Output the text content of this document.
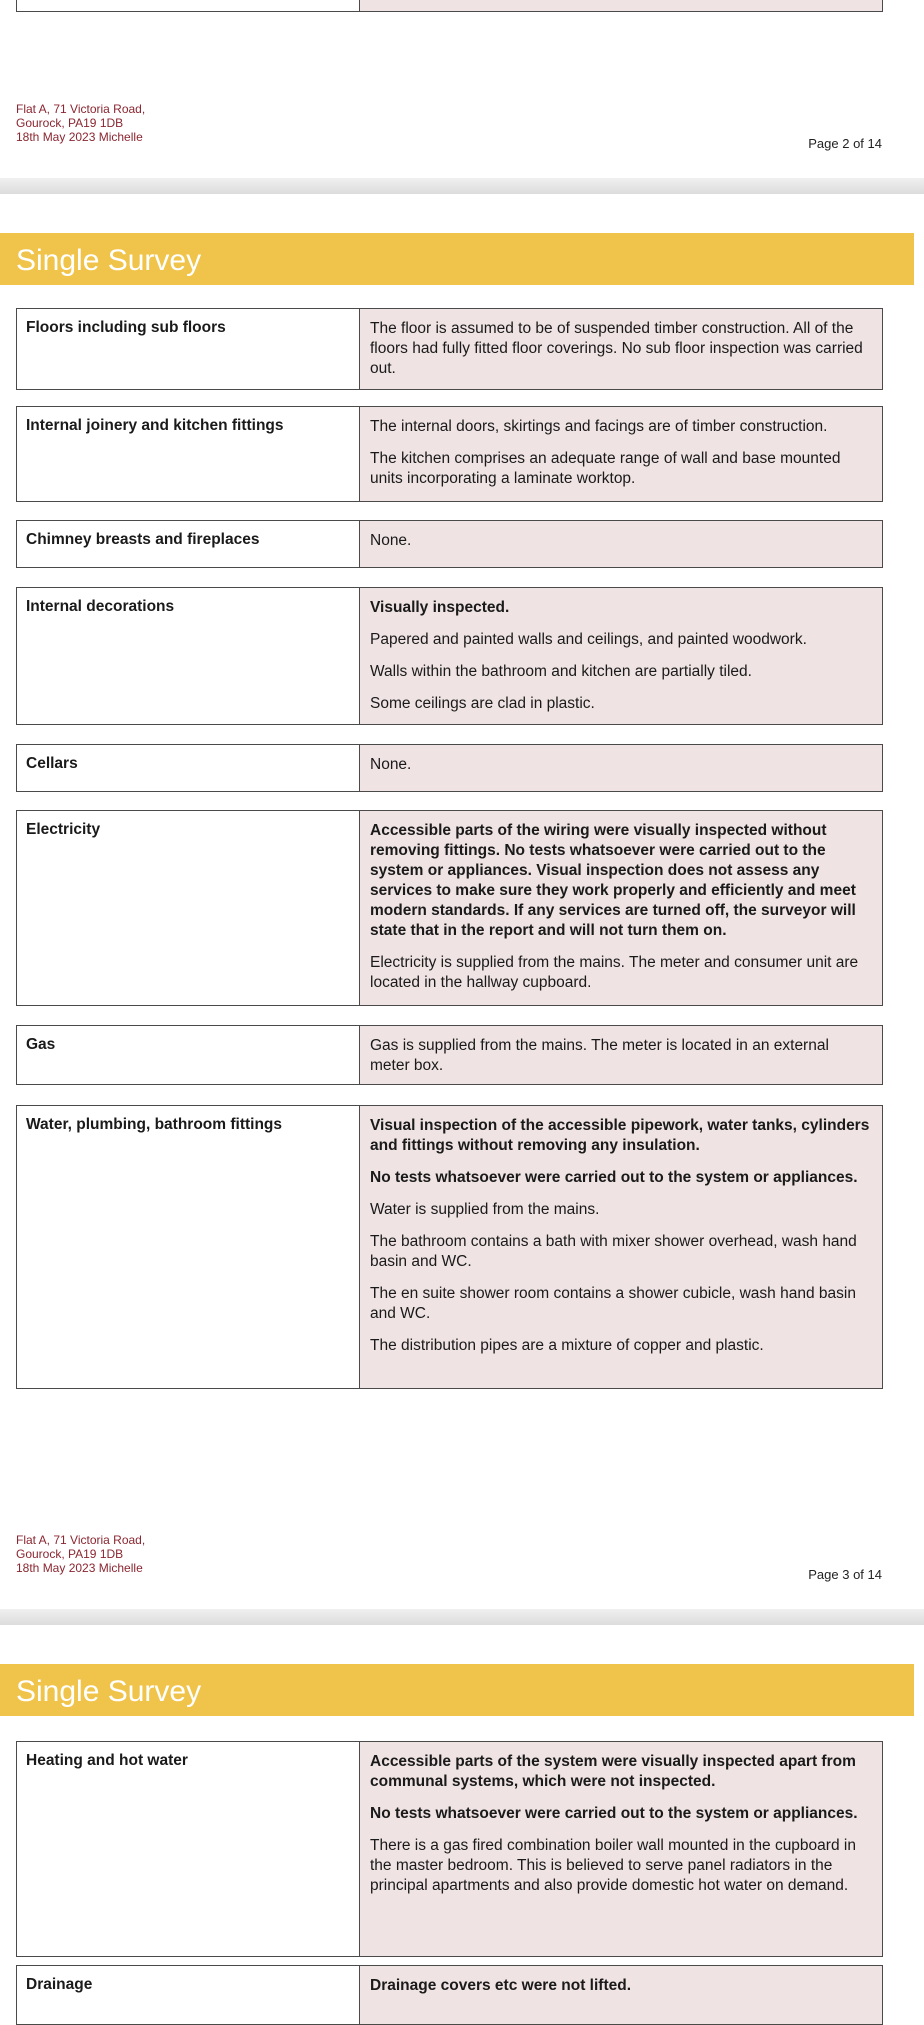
Flat A, 71 Victoria Road,
Gourock, PA19 1DB
18th May 2023 Michelle	Page 2 of 14
Single Survey
Floors including sub floors	The floor is assumed to be of suspended timber construction. All of the floors had fully fitted floor coverings. No sub floor inspection was carried out.

Internal joinery and kitchen fittings	The internal doors, skirtings and facings are of timber construction.

The kitchen comprises an adequate range of wall and base mounted units incorporating a laminate worktop.

Chimney breasts and fireplaces	None.

Internal decorations	Visually inspected.

Papered and painted walls and ceilings, and painted woodwork.

Walls within the bathroom and kitchen are partially tiled.

Some ceilings are clad in plastic.

Cellars	None.

Electricity	Accessible parts of the wiring were visually inspected without removing fittings. No tests whatsoever were carried out to the system or appliances. Visual inspection does not assess any services to make sure they work properly and efficiently and meet modern standards. If any services are turned off, the surveyor will state that in the report and will not turn them on.

Electricity is supplied from the mains. The meter and consumer unit are located in the hallway cupboard.

Gas	Gas is supplied from the mains. The meter is located in an external meter box.

Water, plumbing, bathroom fittings	Visual inspection of the accessible pipework, water tanks, cylinders and fittings without removing any insulation.

No tests whatsoever were carried out to the system or appliances.

Water is supplied from the mains.

The bathroom contains a bath with mixer shower overhead, wash hand basin and WC.

The en suite shower room contains a shower cubicle, wash hand basin and WC.

The distribution pipes are a mixture of copper and plastic.

Flat A, 71 Victoria Road,
Gourock, PA19 1DB
18th May 2023 Michelle	Page 3 of 14
Single Survey
Heating and hot water	Accessible parts of the system were visually inspected apart from communal systems, which were not inspected.

No tests whatsoever were carried out to the system or appliances.

There is a gas fired combination boiler wall mounted in the cupboard in the master bedroom. This is believed to serve panel radiators in the principal apartments and also provide domestic hot water on demand.

Drainage	Drainage covers etc were not lifted.
